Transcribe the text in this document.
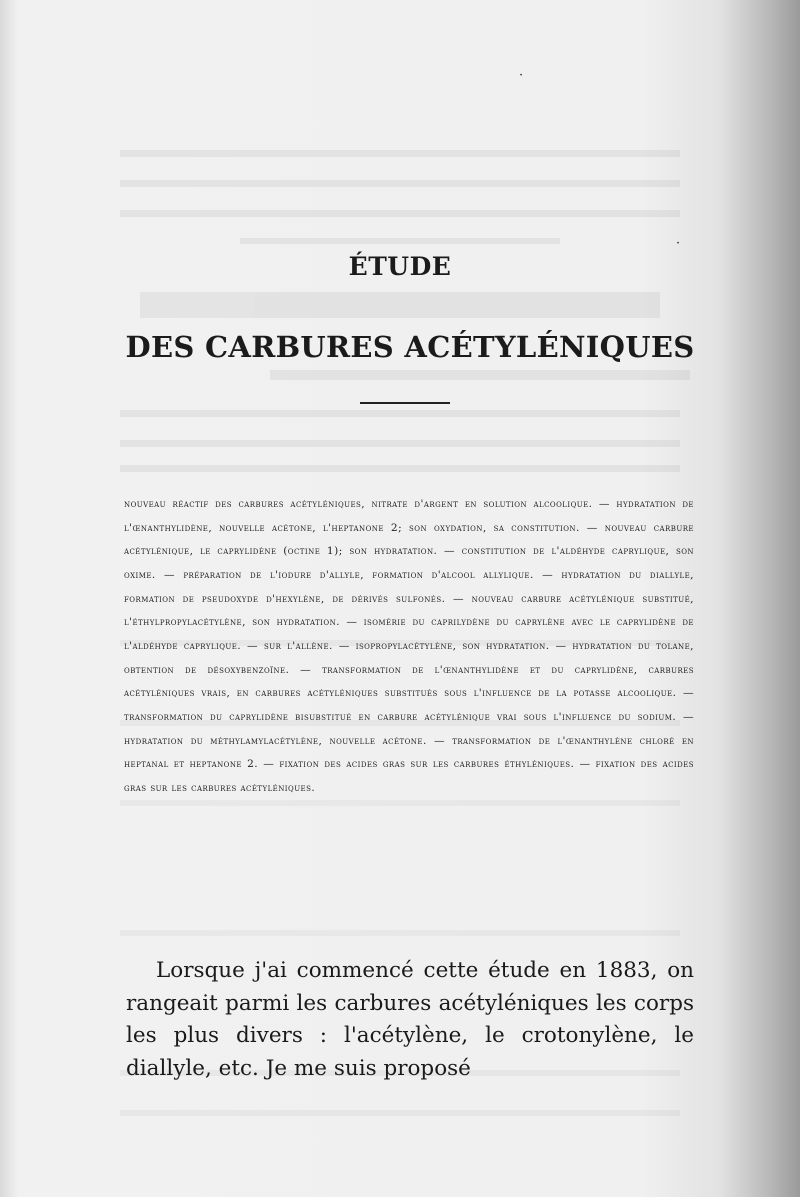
·
·
ÉTUDE
DES CARBURES ACÉTYLÉNIQUES

nouveau réactif des carbures acétyléniques, nitrate d'argent en solution alcoolique. — hydratation de l'œnanthylidène, nouvelle acétone, l'heptanone 2; son oxydation, sa constitution. — nouveau carbure acétylénique, le caprylidène (octine 1); son hydratation. — constitution de l'aldéhyde caprylique, son oxime. — préparation de l'iodure d'allyle, formation d'alcool allylique. — hydratation du diallyle, formation de pseudoxyde d'hexylène, de dérivés sulfonés. — nouveau carbure acétylénique substitué, l'éthylpropylacétylène, son hydratation. — isomérie du caprilydène du caprylène avec le caprylidène de l'aldéhyde caprylique. — sur l'allène. — isopropylacétylène, son hydratation. — hydratation du tolane, obtention de désoxybenzoïne. — transformation de l'œnanthylidène et du caprylidène, carbures acétyléniques vrais, en carbures acétyléniques substitués sous l'influence de la potasse alcoolique. — transformation du caprylidène bisubstitué en carbure acétylénique vrai sous l'influence du sodium. — hydratation du méthylamylacétylène, nouvelle acétone. — transformation de l'œnanthylène chloré en heptanal et heptanone 2. — fixation des acides gras sur les carbures éthyléniques. — fixation des acides gras sur les carbures acétyléniques.

Lorsque j'ai commencé cette étude en 1883, on rangeait parmi les carbures acétyléniques les corps les plus divers : l'acétylène, le crotonylène, le diallyle, etc. Je me suis proposé
